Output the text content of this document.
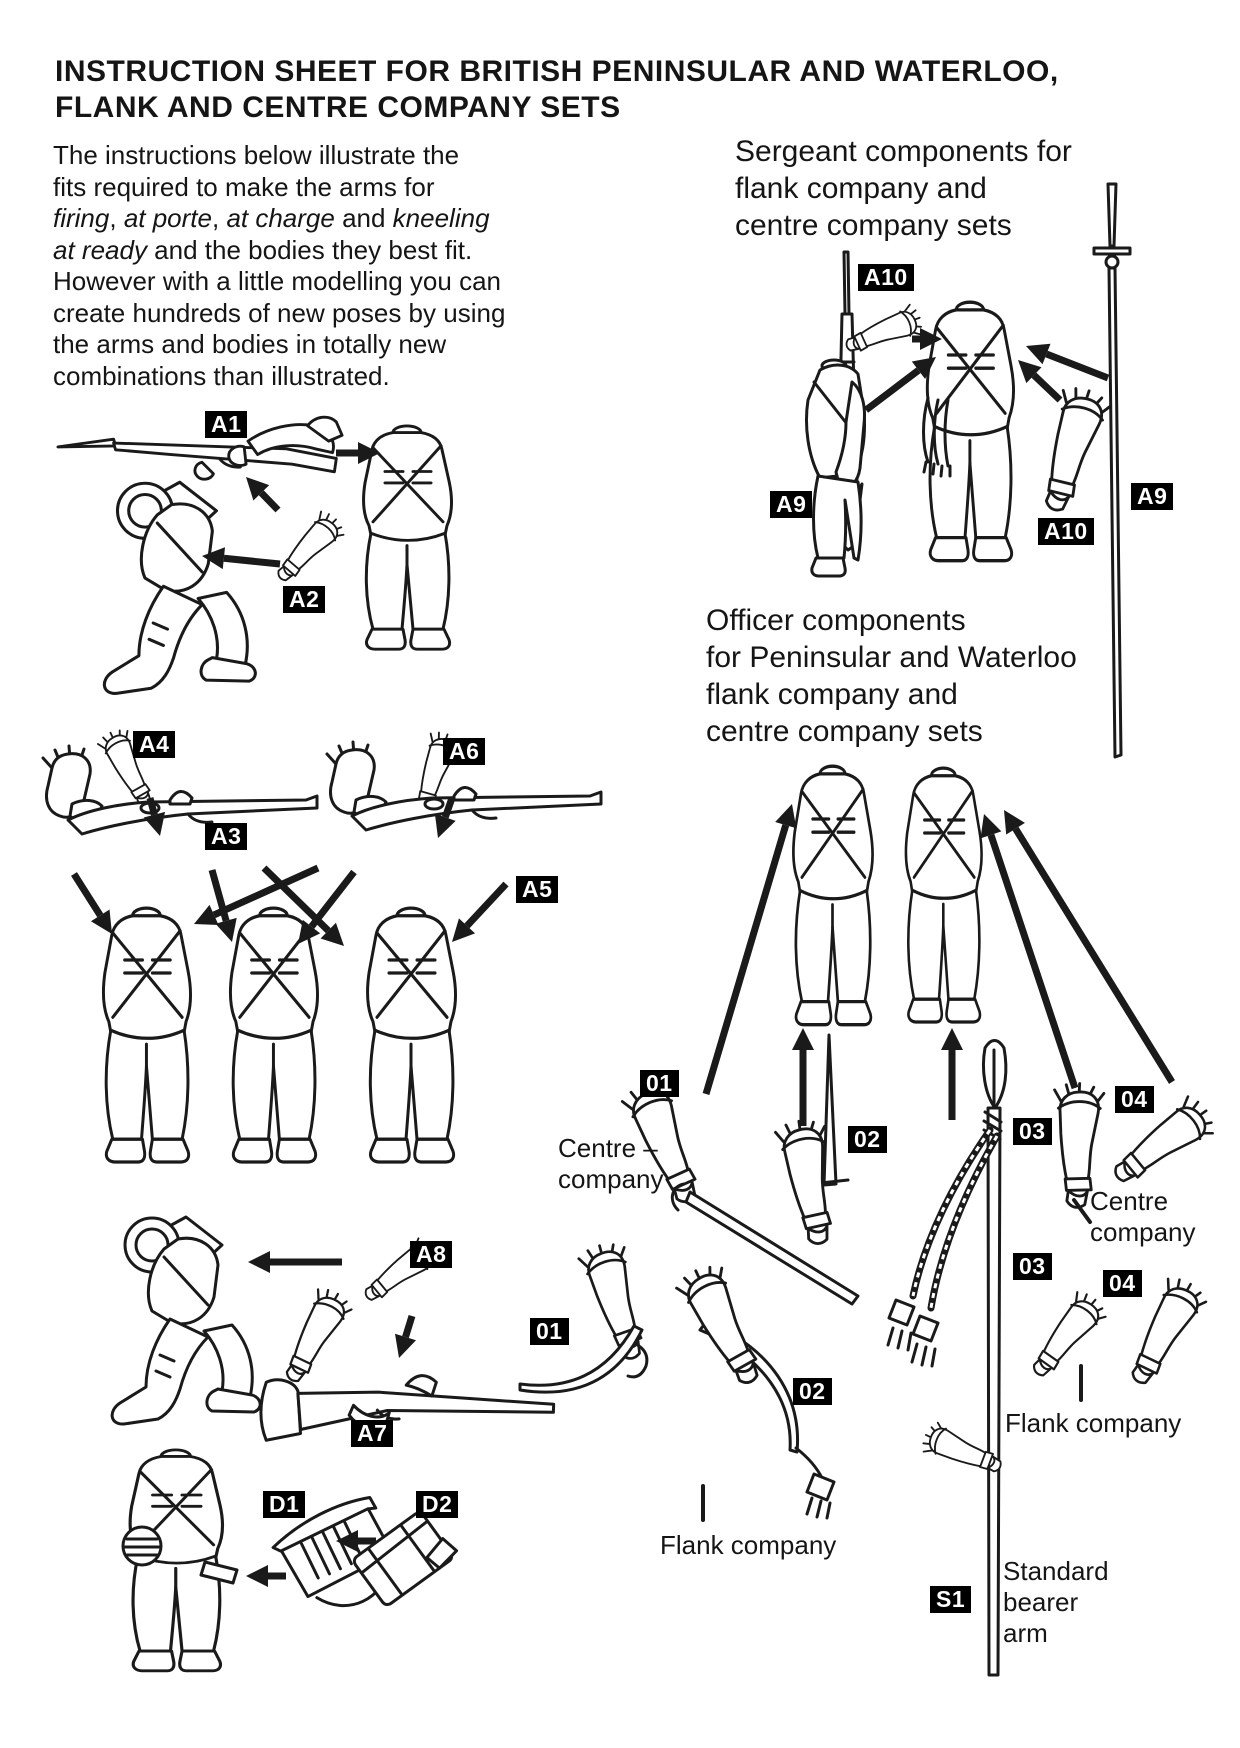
INSTRUCTION SHEET FOR BRITISH PENINSULAR AND WATERLOO,
FLANK AND CENTRE COMPANY SETS
The instructions below illustrate the
fits required to make the arms for
firing, at porte, at charge and kneeling
at ready and the bodies they best fit.
However with a little modelling you can
create hundreds of new poses by using
the arms and bodies in totally new
combinations than illustrated.
Sergeant components for
flank company and
centre company sets
Officer components
for Peninsular and Waterloo
flank company and
centre company sets
A1
A2
A4	A6
A3
A5
A8
A7
D1	D2
A10
A9	A9
A10
01
02	03
04
03
04
01
02
S1
Centre –
company
Centre
company
Flank company
Flank company
Standard
bearer
arm
